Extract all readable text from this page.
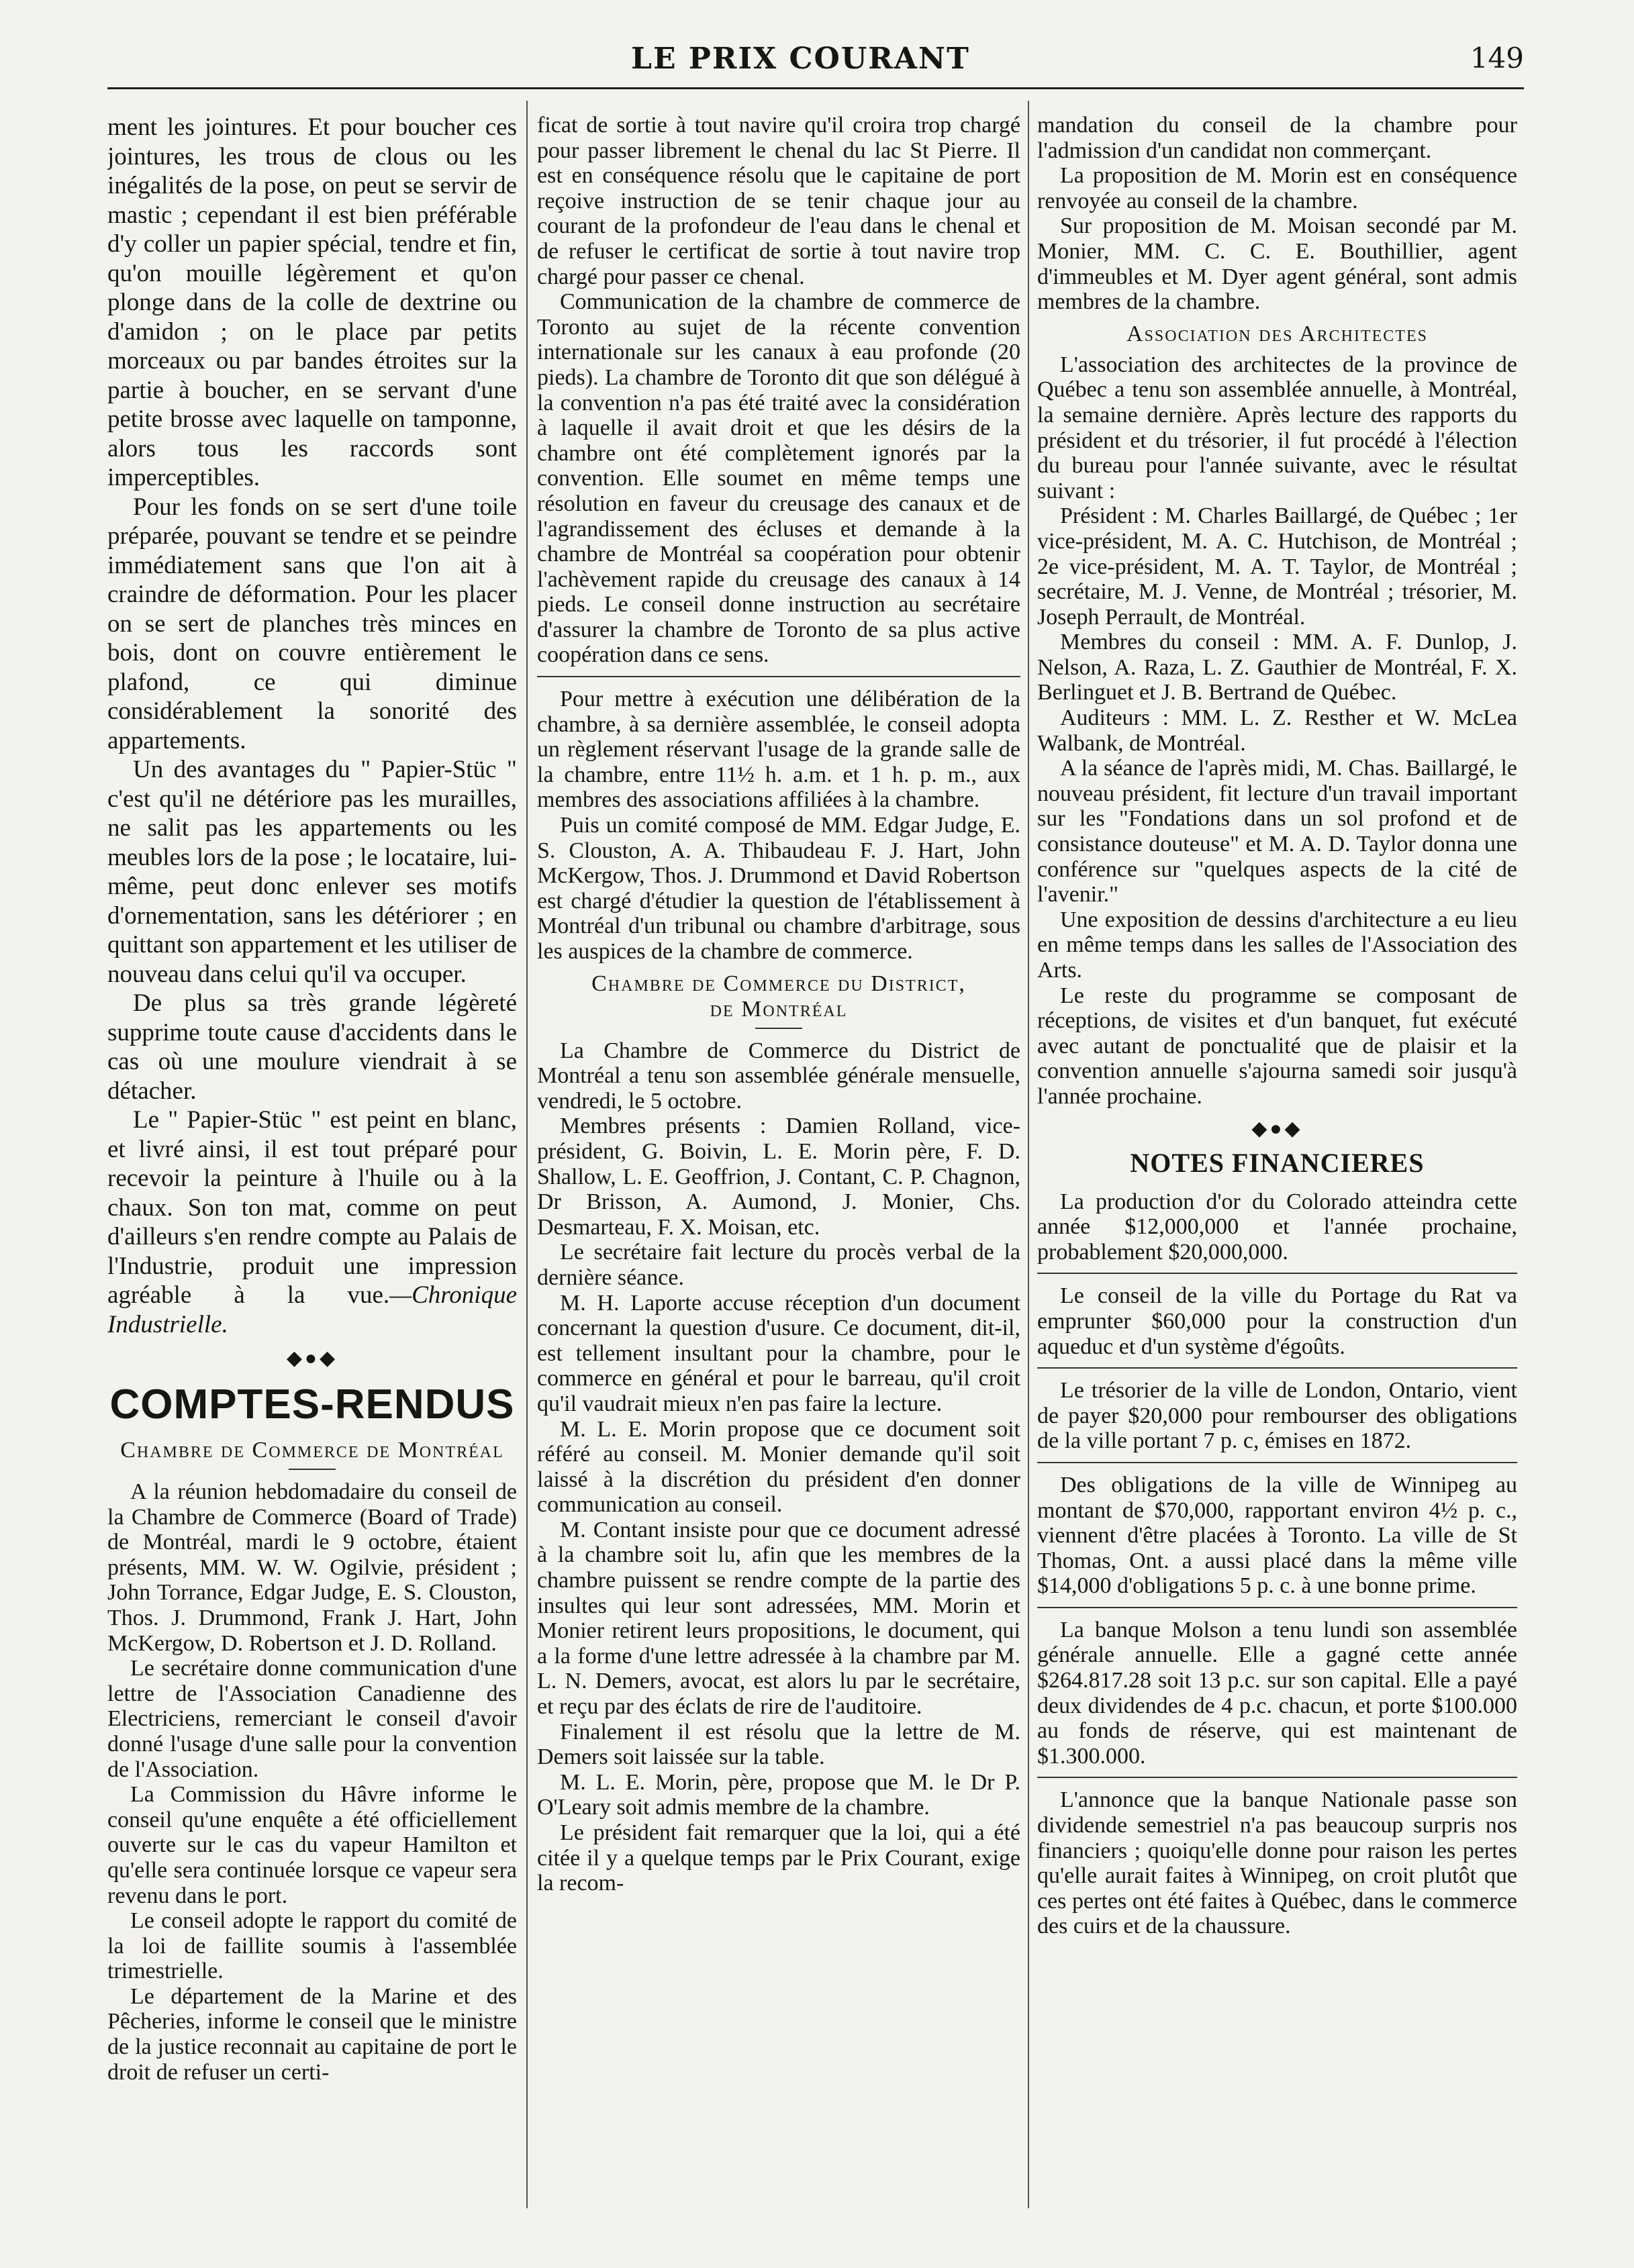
LE PRIX COURANT	149

ment les jointures. Et pour boucher ces jointures, les trous de clous ou les inégalités de la pose, on peut se servir de mastic ; cependant il est bien préférable d'y coller un papier spécial, tendre et fin, qu'on mouille légèrement et qu'on plonge dans de la colle de dextrine ou d'amidon ; on le place par petits morceaux ou par bandes étroites sur la partie à boucher, en se servant d'une petite brosse avec laquelle on tamponne, alors tous les raccords sont imperceptibles.

Pour les fonds on se sert d'une toile préparée, pouvant se tendre et se peindre immédiatement sans que l'on ait à craindre de déformation. Pour les placer on se sert de planches très minces en bois, dont on couvre entièrement le plafond, ce qui diminue considérablement la sonorité des appartements.

Un des avantages du " Papier-Stüc " c'est qu'il ne détériore pas les murailles, ne salit pas les appartements ou les meubles lors de la pose ; le locataire, lui-même, peut donc enlever ses motifs d'ornementation, sans les détériorer ; en quittant son appartement et les utiliser de nouveau dans celui qu'il va occuper.

De plus sa très grande légèreté supprime toute cause d'accidents dans le cas où une moulure viendrait à se détacher.

Le " Papier-Stüc " est peint en blanc, et livré ainsi, il est tout préparé pour recevoir la peinture à l'huile ou à la chaux. Son ton mat, comme on peut d'ailleurs s'en rendre compte au Palais de l'Industrie, produit une impression agréable à la vue.—Chronique Industrielle.

◆●◆
COMPTES-RENDUS
Chambre de Commerce de Montréal

A la réunion hebdomadaire du conseil de la Chambre de Commerce (Board of Trade) de Montréal, mardi le 9 octobre, étaient présents, MM. W. W. Ogilvie, président ; John Torrance, Edgar Judge, E. S. Clouston, Thos. J. Drummond, Frank J. Hart, John McKergow, D. Robertson et J. D. Rolland.

Le secrétaire donne communication d'une lettre de l'Association Canadienne des Electriciens, remerciant le conseil d'avoir donné l'usage d'une salle pour la convention de l'Association.

La Commission du Hâvre informe le conseil qu'une enquête a été officiellement ouverte sur le cas du vapeur Hamilton et qu'elle sera continuée lorsque ce vapeur sera revenu dans le port.

Le conseil adopte le rapport du comité de la loi de faillite soumis à l'assemblée trimestrielle.

Le département de la Marine et des Pêcheries, informe le conseil que le ministre de la justice reconnait au capitaine de port le droit de refuser un certi-

ficat de sortie à tout navire qu'il croira trop chargé pour passer librement le chenal du lac St Pierre. Il est en conséquence résolu que le capitaine de port reçoive instruction de se tenir chaque jour au courant de la profondeur de l'eau dans le chenal et de refuser le certificat de sortie à tout navire trop chargé pour passer ce chenal.

Communication de la chambre de commerce de Toronto au sujet de la récente convention internationale sur les canaux à eau profonde (20 pieds). La chambre de Toronto dit que son délégué à la convention n'a pas été traité avec la considération à laquelle il avait droit et que les désirs de la chambre ont été complètement ignorés par la convention. Elle soumet en même temps une résolution en faveur du creusage des canaux et de l'agrandissement des écluses et demande à la chambre de Montréal sa coopération pour obtenir l'achèvement rapide du creusage des canaux à 14 pieds. Le conseil donne instruction au secrétaire d'assurer la chambre de Toronto de sa plus active coopération dans ce sens.

Pour mettre à exécution une délibération de la chambre, à sa dernière assemblée, le conseil adopta un règlement réservant l'usage de la grande salle de la chambre, entre 11½ h. a.m. et 1 h. p. m., aux membres des associations affiliées à la chambre.

Puis un comité composé de MM. Edgar Judge, E. S. Clouston, A. A. Thibaudeau F. J. Hart, John McKergow, Thos. J. Drummond et David Robertson est chargé d'étudier la question de l'établissement à Montréal d'un tribunal ou chambre d'arbitrage, sous les auspices de la chambre de commerce.

Chambre de Commerce du District,
de Montréal

La Chambre de Commerce du District de Montréal a tenu son assemblée générale mensuelle, vendredi, le 5 octobre.

Membres présents : Damien Rolland, vice-président, G. Boivin, L. E. Morin père, F. D. Shallow, L. E. Geoffrion, J. Contant, C. P. Chagnon, Dr Brisson, A. Aumond, J. Monier, Chs. Desmarteau, F. X. Moisan, etc.

Le secrétaire fait lecture du procès verbal de la dernière séance.

M. H. Laporte accuse réception d'un document concernant la question d'usure. Ce document, dit-il, est tellement insultant pour la chambre, pour le commerce en général et pour le barreau, qu'il croit qu'il vaudrait mieux n'en pas faire la lecture.

M. L. E. Morin propose que ce document soit référé au conseil. M. Monier demande qu'il soit laissé à la discrétion du président d'en donner communication au conseil.

M. Contant insiste pour que ce document adressé à la chambre soit lu, afin que les membres de la chambre puissent se rendre compte de la partie des insultes qui leur sont adressées, MM. Morin et Monier retirent leurs propositions, le document, qui a la forme d'une lettre adressée à la chambre par M. L. N. Demers, avocat, est alors lu par le secrétaire, et reçu par des éclats de rire de l'auditoire.

Finalement il est résolu que la lettre de M. Demers soit laissée sur la table.

M. L. E. Morin, père, propose que M. le Dr P. O'Leary soit admis membre de la chambre.

Le président fait remarquer que la loi, qui a été citée il y a quelque temps par le Prix Courant, exige la recom-

mandation du conseil de la chambre pour l'admission d'un candidat non commerçant.

La proposition de M. Morin est en conséquence renvoyée au conseil de la chambre.

Sur proposition de M. Moisan secondé par M. Monier, MM. C. C. E. Bouthillier, agent d'immeubles et M. Dyer agent général, sont admis membres de la chambre.

Association des Architectes

L'association des architectes de la province de Québec a tenu son assemblée annuelle, à Montréal, la semaine dernière. Après lecture des rapports du président et du trésorier, il fut procédé à l'élection du bureau pour l'année suivante, avec le résultat suivant :

Président : M. Charles Baillargé, de Québec ; 1er vice-président, M. A. C. Hutchison, de Montréal ; 2e vice-président, M. A. T. Taylor, de Montréal ; secrétaire, M. J. Venne, de Montréal ; trésorier, M. Joseph Perrault, de Montréal.

Membres du conseil : MM. A. F. Dunlop, J. Nelson, A. Raza, L. Z. Gauthier de Montréal, F. X. Berlinguet et J. B. Bertrand de Québec.

Auditeurs : MM. L. Z. Resther et W. McLea Walbank, de Montréal.

A la séance de l'après midi, M. Chas. Baillargé, le nouveau président, fit lecture d'un travail important sur les "Fondations dans un sol profond et de consistance douteuse" et M. A. D. Taylor donna une conférence sur "quelques aspects de la cité de l'avenir."

Une exposition de dessins d'architecture a eu lieu en même temps dans les salles de l'Association des Arts.

Le reste du programme se composant de réceptions, de visites et d'un banquet, fut exécuté avec autant de ponctualité que de plaisir et la convention annuelle s'ajourna samedi soir jusqu'à l'année prochaine.

◆●◆
NOTES FINANCIERES

La production d'or du Colorado atteindra cette année $12,000,000 et l'année prochaine, probablement $20,000,000.

Le conseil de la ville du Portage du Rat va emprunter $60,000 pour la construction d'un aqueduc et d'un système d'égoûts.

Le trésorier de la ville de London, Ontario, vient de payer $20,000 pour rembourser des obligations de la ville portant 7 p. c, émises en 1872.

Des obligations de la ville de Winnipeg au montant de $70,000, rapportant environ 4½ p. c., viennent d'être placées à Toronto. La ville de St Thomas, Ont. a aussi placé dans la même ville $14,000 d'obligations 5 p. c. à une bonne prime.

La banque Molson a tenu lundi son assemblée générale annuelle. Elle a gagné cette année $264.817.28 soit 13 p.c. sur son capital. Elle a payé deux dividendes de 4 p.c. chacun, et porte $100.000 au fonds de réserve, qui est maintenant de $1.300.000.

L'annonce que la banque Nationale passe son dividende semestriel n'a pas beaucoup surpris nos financiers ; quoiqu'elle donne pour raison les pertes qu'elle aurait faites à Winnipeg, on croit plutôt que ces pertes ont été faites à Québec, dans le commerce des cuirs et de la chaussure.
